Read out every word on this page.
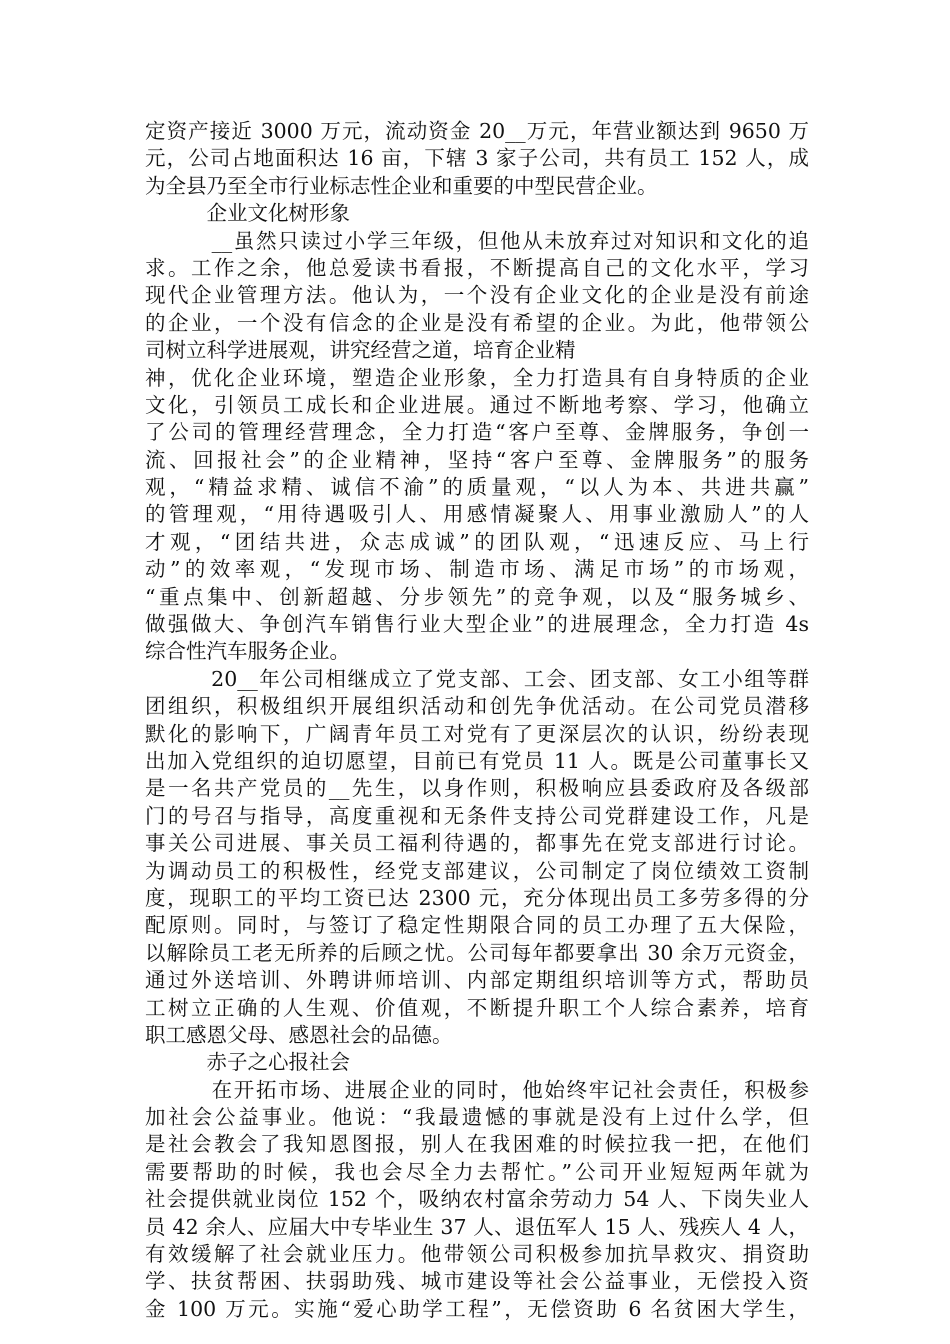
定资产接近 3000 万元，流动资金 20__万元，年营业额达到 9650 万
元，公司占地面积达 16 亩，下辖 3 家子公司，共有员工 152 人，成
为全县乃至全市行业标志性企业和重要的中型民营企业。
　　　企业文化树形象
　　　__虽然只读过小学三年级，但他从未放弃过对知识和文化的追
求。工作之余，他总爱读书看报，不断提高自己的文化水平，学习
现代企业管理方法。他认为，一个没有企业文化的企业是没有前途
的企业，一个没有信念的企业是没有希望的企业。为此，他带领公
司树立科学进展观，讲究经营之道，培育企业精
神，优化企业环境，塑造企业形象，全力打造具有自身特质的企业
文化，引领员工成长和企业进展。通过不断地考察、学习，他确立
了公司的管理经营理念，全力打造“客户至尊、金牌服务，争创一
流、回报社会”的企业精神，坚持“客户至尊、金牌服务”的服务
观，“精益求精、诚信不渝”的质量观，“以人为本、共进共赢”
的管理观，“用待遇吸引人、用感情凝聚人、用事业激励人”的人
才观，“团结共进，众志成诚”的团队观，“迅速反应、马上行
动”的效率观，“发现市场、制造市场、满足市场”的市场观，
“重点集中、创新超越、分步领先”的竞争观，以及“服务城乡、
做强做大、争创汽车销售行业大型企业”的进展理念，全力打造 4s
综合性汽车服务企业。
　　　20__年公司相继成立了党支部、工会、团支部、女工小组等群
团组织，积极组织开展组织活动和创先争优活动。在公司党员潜移
默化的影响下，广阔青年员工对党有了更深层次的认识，纷纷表现
出加入党组织的迫切愿望，目前已有党员 11 人。既是公司董事长又
是一名共产党员的__先生，以身作则，积极响应县委政府及各级部
门的号召与指导，高度重视和无条件支持公司党群建设工作，凡是
事关公司进展、事关员工福利待遇的，都事先在党支部进行讨论。
为调动员工的积极性，经党支部建议，公司制定了岗位绩效工资制
度，现职工的平均工资已达 2300 元，充分体现出员工多劳多得的分
配原则。同时，与签订了稳定性期限合同的员工办理了五大保险，
以解除员工老无所养的后顾之忧。公司每年都要拿出 30 余万元资金，
通过外送培训、外聘讲师培训、内部定期组织培训等方式，帮助员
工树立正确的人生观、价值观，不断提升职工个人综合素养，培育
职工感恩父母、感恩社会的品德。
　　　赤子之心报社会
　　　在开拓市场、进展企业的同时，他始终牢记社会责任，积极参
加社会公益事业。他说：“我最遗憾的事就是没有上过什么学，但
是社会教会了我知恩图报，别人在我困难的时候拉我一把，在他们
需要帮助的时候，我也会尽全力去帮忙。”公司开业短短两年就为
社会提供就业岗位 152 个，吸纳农村富余劳动力 54 人、下岗失业人
员 42 余人、应届大中专毕业生 37 人、退伍军人 15 人、残疾人 4 人，
有效缓解了社会就业压力。他带领公司积极参加抗旱救灾、捐资助
学、扶贫帮困、扶弱助残、城市建设等社会公益事业，无偿投入资
金 100 万元。实施“爱心助学工程”，无偿资助 6 名贫困大学生，
